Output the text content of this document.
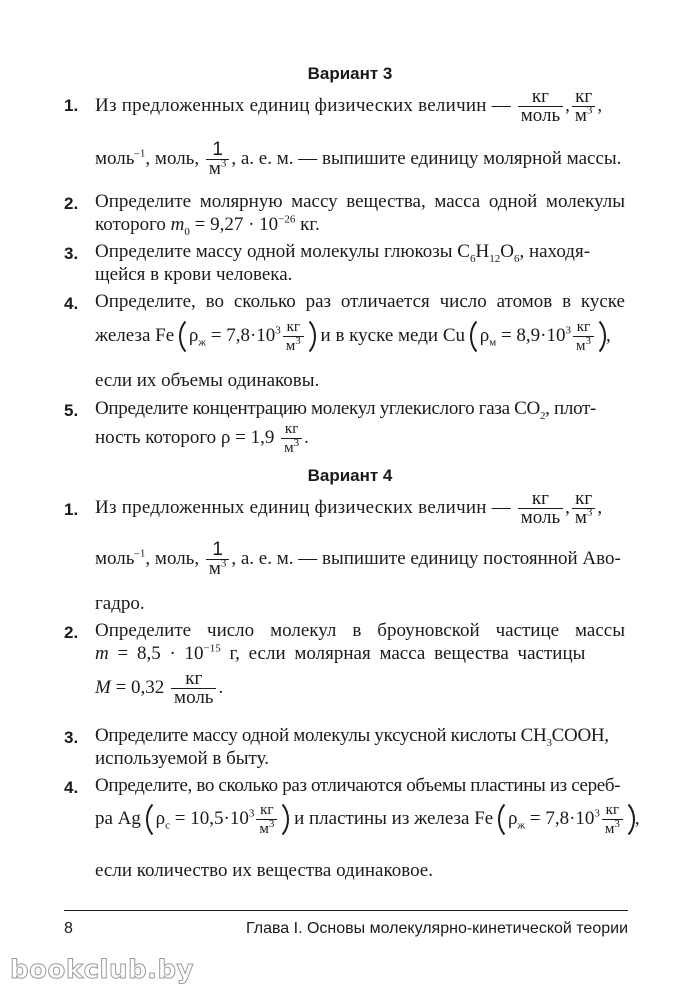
Вариант 3
1. Из предложенных единиц физических величин — $\frac{кг}{\text{моль}}$ , $\frac{кг}{м^3}$ ,
моль$^{-1}$, моль, $\frac{1}{м^3}$ , а. е. м. — выпишите единицу молярной массы.
2. Определите молярную массу вещества, масса одной молекулы
которого $m_0 = 9,27 \cdot 10^{-26}$ кг.
3. Определите массу одной молекулы глюкозы $C_6H_{12}O_6$, находя-
щейся в крови человека.
4. Определите, во сколько раз отличается число атомов в куске
железа Fe $\rho_ж = 7,8\cdot 10^3 \frac{кг}{м^3}$ и в куске меди Cu $\rho_м = 8,9\cdot 10^3 \frac{кг}{м^3}$ ,
если их объемы одинаковы.
5. Определите концентрацию молекул углекислого газа $CO_2$, плот-
ность которого $\rho = 1,9 \frac{кг}{м^3}$ .
Вариант 4
1. Из предложенных единиц физических величин — $\frac{кг}{\text{моль}}$ , $\frac{кг}{м^3}$ ,
моль$^{-1}$, моль, $\frac{1}{м^3}$ , а. е. м. — выпишите единицу постоянной Аво-
гадро.
2. Определите число молекул в броуновской частице массы
$m = 8,5 \cdot 10^{-15}$ г, если молярная масса вещества частицы
$M = 0,32 \frac{кг}{\text{моль}}$ .
3. Определите массу одной молекулы уксусной кислоты $CH_3COOH$,
используемой в быту.
4. Определите, во сколько раз отличаются объемы пластины из сереб-
ра Ag $\rho_с = 10,5\cdot 10^3 \frac{кг}{м^3}$ и пластины из железа Fe $\rho_ж = 7,8\cdot 10^3 \frac{кг}{м^3}$ ,
если количество их вещества одинаковое.
8	Глава I. Основы молекулярно-кинетической теории
bookclub.by
